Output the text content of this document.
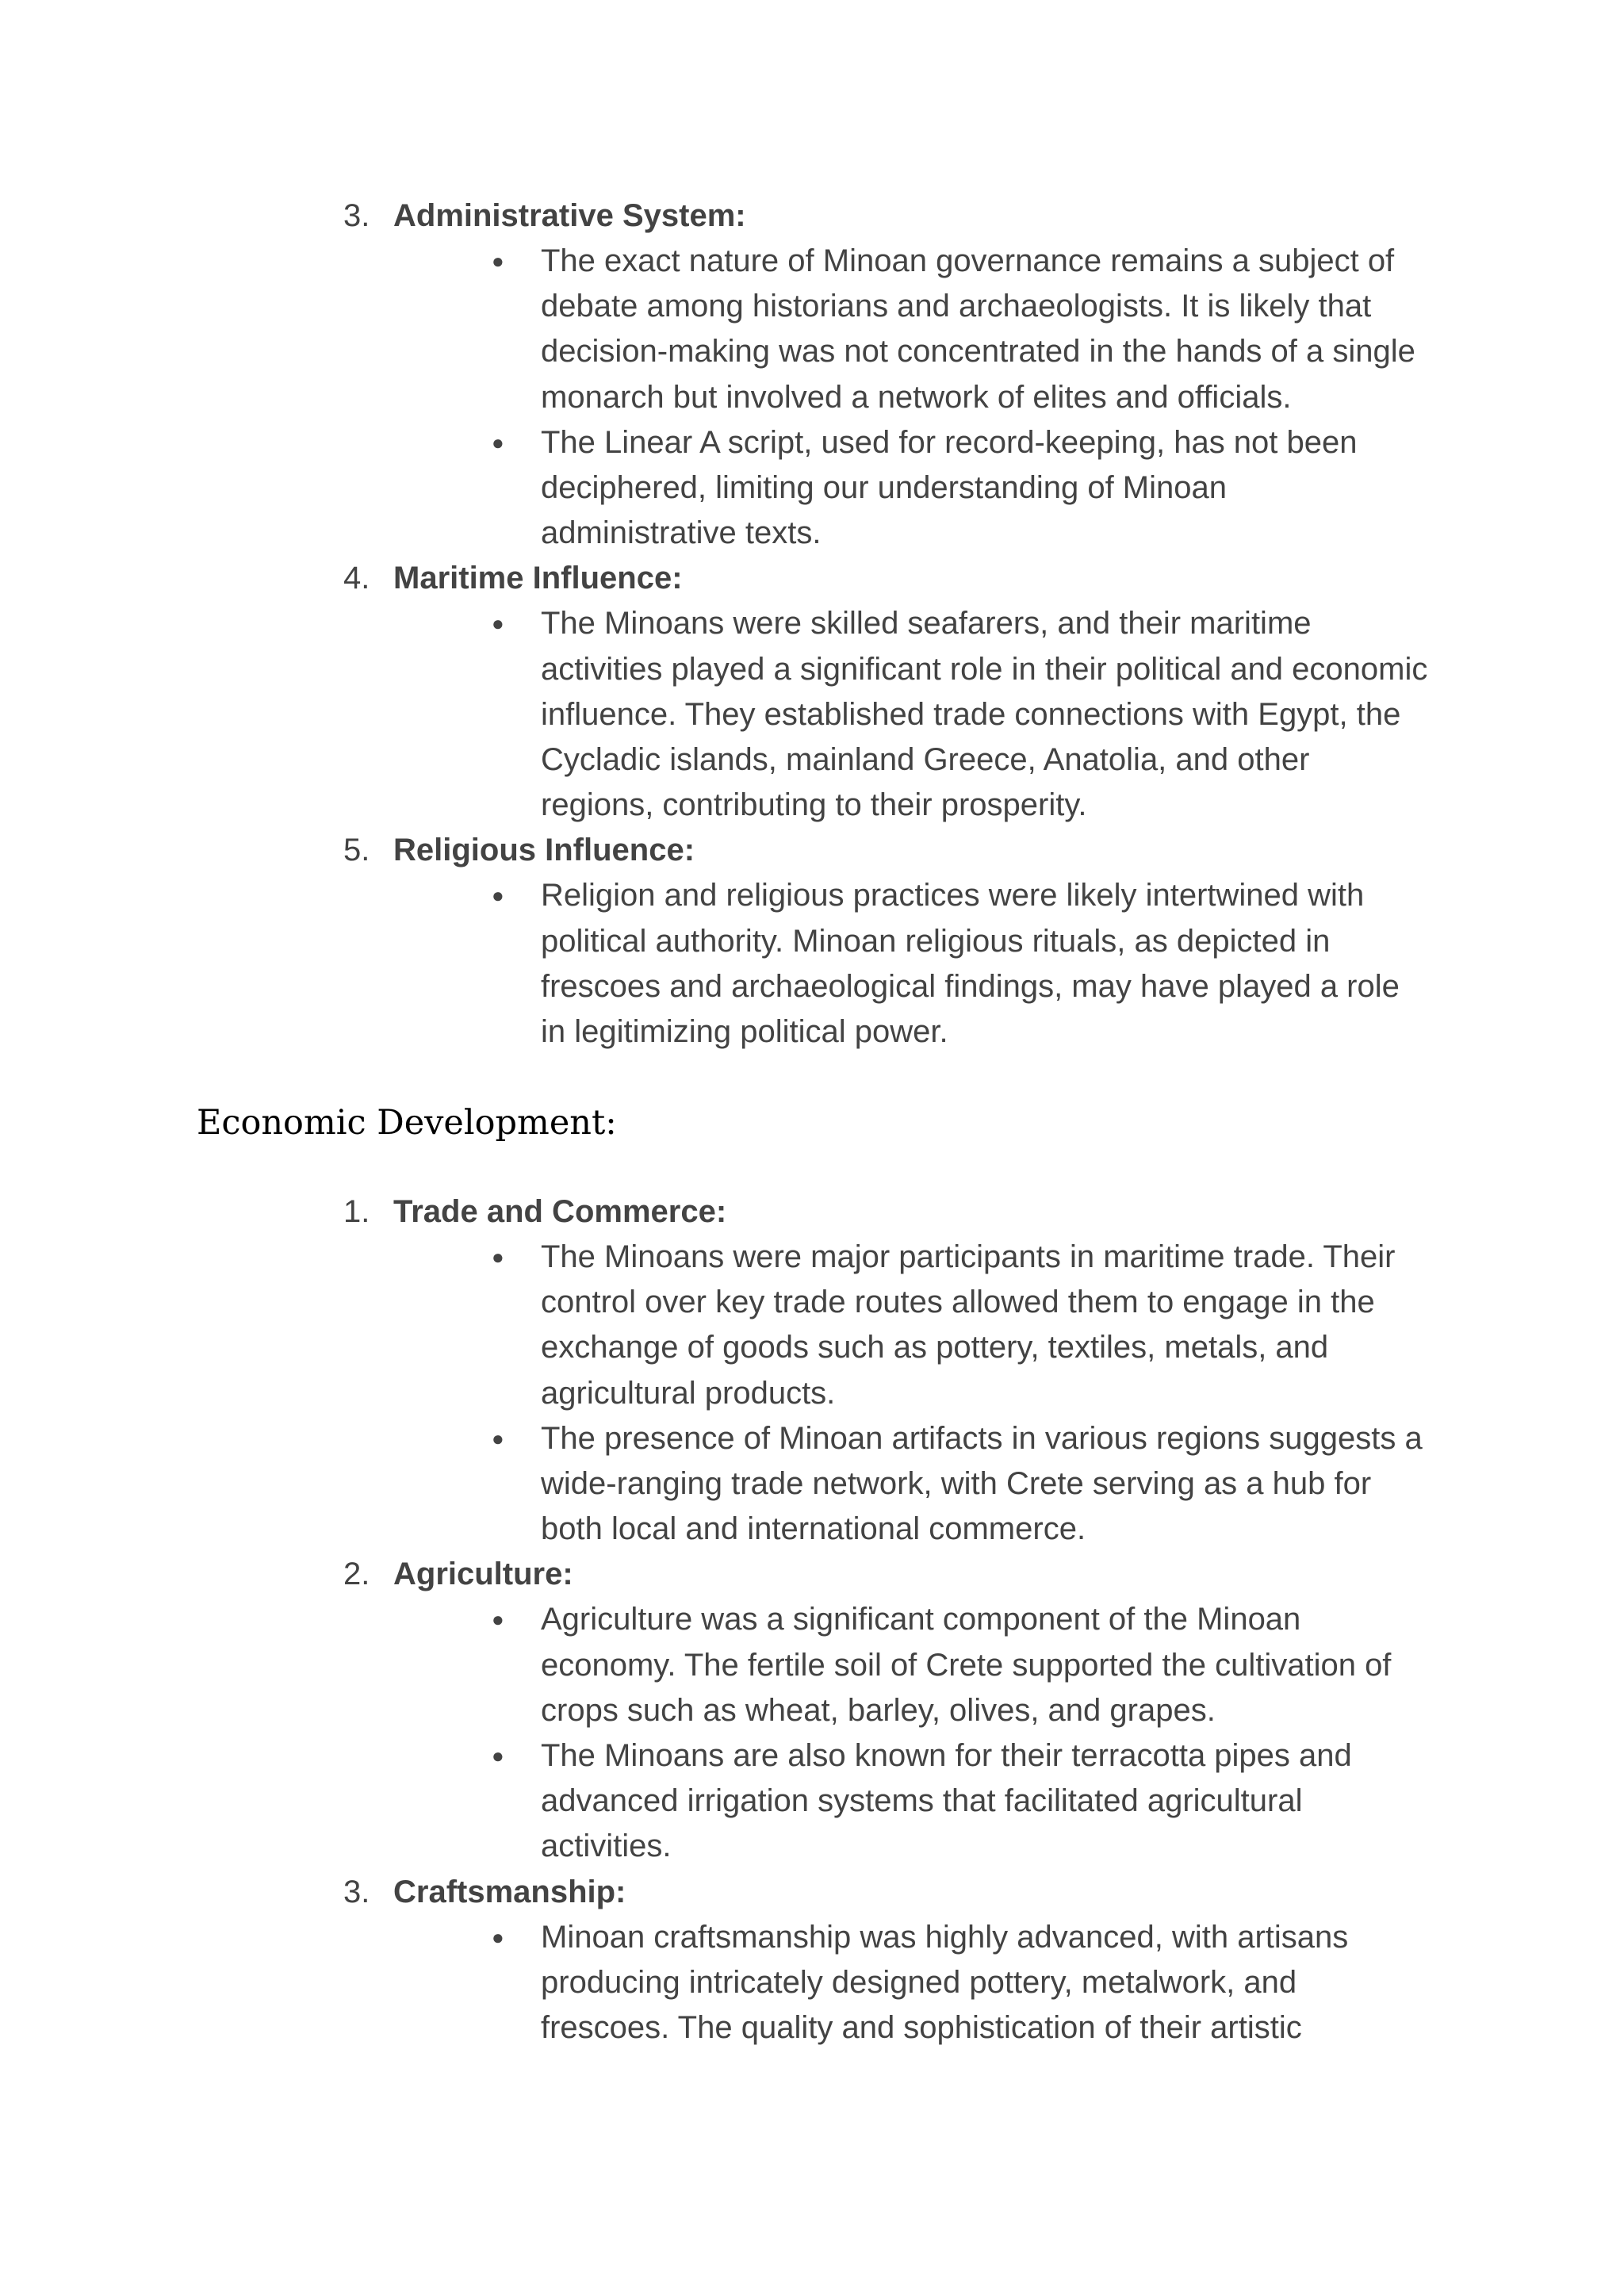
3. Administrative System:
● The exact nature of Minoan governance remains a subject of debate among historians and archaeologists. It is likely that decision-making was not concentrated in the hands of a single monarch but involved a network of elites and officials.
● The Linear A script, used for record-keeping, has not been deciphered, limiting our understanding of Minoan administrative texts.
4. Maritime Influence:
● The Minoans were skilled seafarers, and their maritime activities played a significant role in their political and economic influence. They established trade connections with Egypt, the Cycladic islands, mainland Greece, Anatolia, and other regions, contributing to their prosperity.
5. Religious Influence:
● Religion and religious practices were likely intertwined with political authority. Minoan religious rituals, as depicted in frescoes and archaeological findings, may have played a role in legitimizing political power.
Economic Development:
1. Trade and Commerce:
● The Minoans were major participants in maritime trade. Their control over key trade routes allowed them to engage in the exchange of goods such as pottery, textiles, metals, and agricultural products.
● The presence of Minoan artifacts in various regions suggests a wide-ranging trade network, with Crete serving as a hub for both local and international commerce.
2. Agriculture:
● Agriculture was a significant component of the Minoan economy. The fertile soil of Crete supported the cultivation of crops such as wheat, barley, olives, and grapes.
● The Minoans are also known for their terracotta pipes and advanced irrigation systems that facilitated agricultural activities.
3. Craftsmanship:
● Minoan craftsmanship was highly advanced, with artisans producing intricately designed pottery, metalwork, and frescoes. The quality and sophistication of their artistic
